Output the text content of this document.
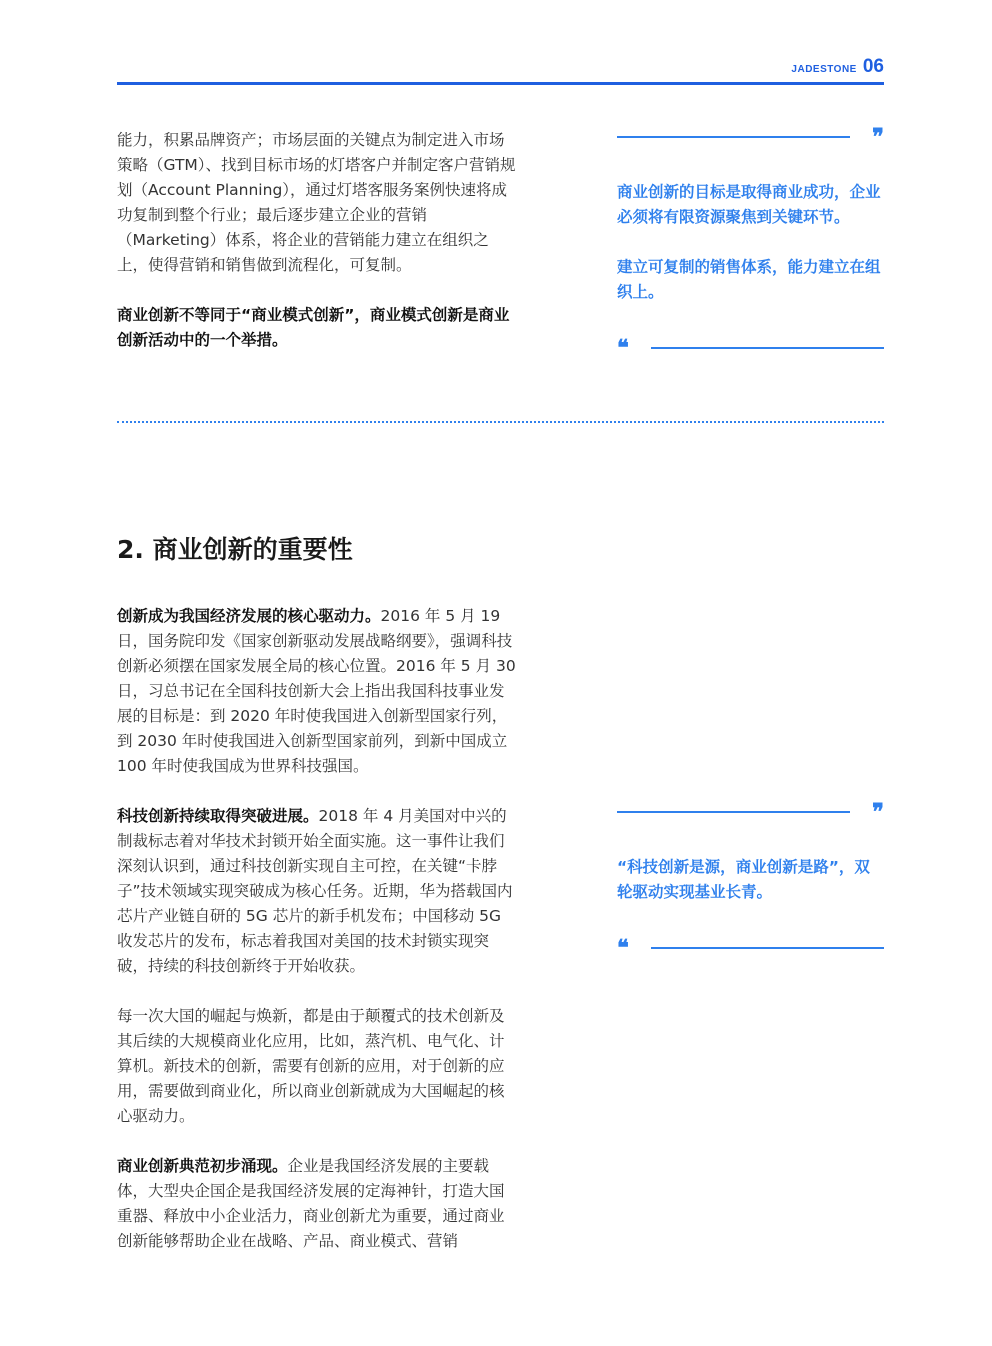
JADESTONE 06

能力，积累品牌资产；市场层面的关键点为制定进入市场策略（GTM）、找到目标市场的灯塔客户并制定客户营销规划（Account Planning），通过灯塔客服务案例快速将成功复制到整个行业；最后逐步建立企业的营销（Marketing）体系，将企业的营销能力建立在组织之上，使得营销和销售做到流程化，可复制。

商业创新不等同于“商业模式创新”，商业模式创新是商业创新活动中的一个举措。

❞

商业创新的目标是取得商业成功，企业必须将有限资源聚焦到关键环节。

建立可复制的销售体系，能力建立在组织上。

❝
2. 商业创新的重要性

创新成为我国经济发展的核心驱动力。2016 年 5 月 19 日，国务院印发《国家创新驱动发展战略纲要》，强调科技创新必须摆在国家发展全局的核心位置。2016 年 5 月 30 日，习总书记在全国科技创新大会上指出我国科技事业发展的目标是：到 2020 年时使我国进入创新型国家行列，到 2030 年时使我国进入创新型国家前列，到新中国成立 100 年时使我国成为世界科技强国。

科技创新持续取得突破进展。2018 年 4 月美国对中兴的制裁标志着对华技术封锁开始全面实施。这一事件让我们深刻认识到，通过科技创新实现自主可控，在关键“卡脖子”技术领域实现突破成为核心任务。近期，华为搭载国内芯片产业链自研的 5G 芯片的新手机发布；中国移动 5G 收发芯片的发布，标志着我国对美国的技术封锁实现突破，持续的科技创新终于开始收获。

每一次大国的崛起与焕新，都是由于颠覆式的技术创新及其后续的大规模商业化应用，比如，蒸汽机、电气化、计算机。新技术的创新，需要有创新的应用，对于创新的应用，需要做到商业化，所以商业创新就成为大国崛起的核心驱动力。

商业创新典范初步涌现。企业是我国经济发展的主要载体，大型央企国企是我国经济发展的定海神针，打造大国重器、释放中小企业活力，商业创新尤为重要，通过商业创新能够帮助企业在战略、产品、商业模式、营销

❞

“科技创新是源，商业创新是路”，双轮驱动实现基业长青。

❝
